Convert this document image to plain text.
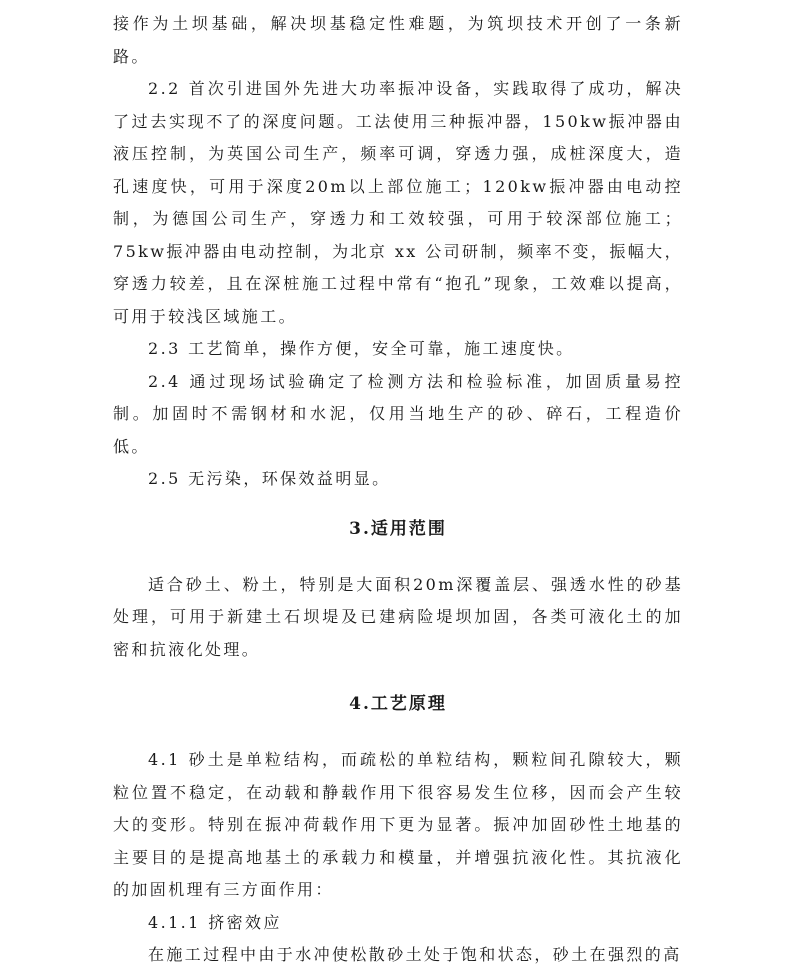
接作为土坝基础，解决坝基稳定性难题，为筑坝技术开创了一条新路。

2.2 首次引进国外先进大功率振冲设备，实践取得了成功，解决了过去实现不了的深度问题。工法使用三种振冲器，150kw振冲器由液压控制，为英国公司生产，频率可调，穿透力强，成桩深度大，造孔速度快，可用于深度20m以上部位施工；120kw振冲器由电动控制，为德国公司生产，穿透力和工效较强，可用于较深部位施工；75kw振冲器由电动控制，为北京 xx 公司研制，频率不变，振幅大，穿透力较差，且在深桩施工过程中常有“抱孔”现象，工效难以提高，可用于较浅区域施工。

2.3 工艺简单，操作方便，安全可靠，施工速度快。

2.4 通过现场试验确定了检测方法和检验标准，加固质量易控制。加固时不需钢材和水泥，仅用当地生产的砂、碎石，工程造价低。

2.5 无污染，环保效益明显。

3.适用范围

适合砂土、粉土，特别是大面积20m深覆盖层、强透水性的砂基处理，可用于新建土石坝堤及已建病险堤坝加固，各类可液化土的加密和抗液化处理。

4.工艺原理

4.1 砂土是单粒结构，而疏松的单粒结构，颗粒间孔隙较大，颗粒位置不稳定，在动载和静载作用下很容易发生位移，因而会产生较大的变形。特别在振冲荷载作用下更为显著。振冲加固砂性土地基的主要目的是提高地基土的承载力和模量，并增强抗液化性。其抗液化的加固机理有三方面作用：

4.1.1 挤密效应

在施工过程中由于水冲使松散砂土处于饱和状态，砂土在强烈的高
